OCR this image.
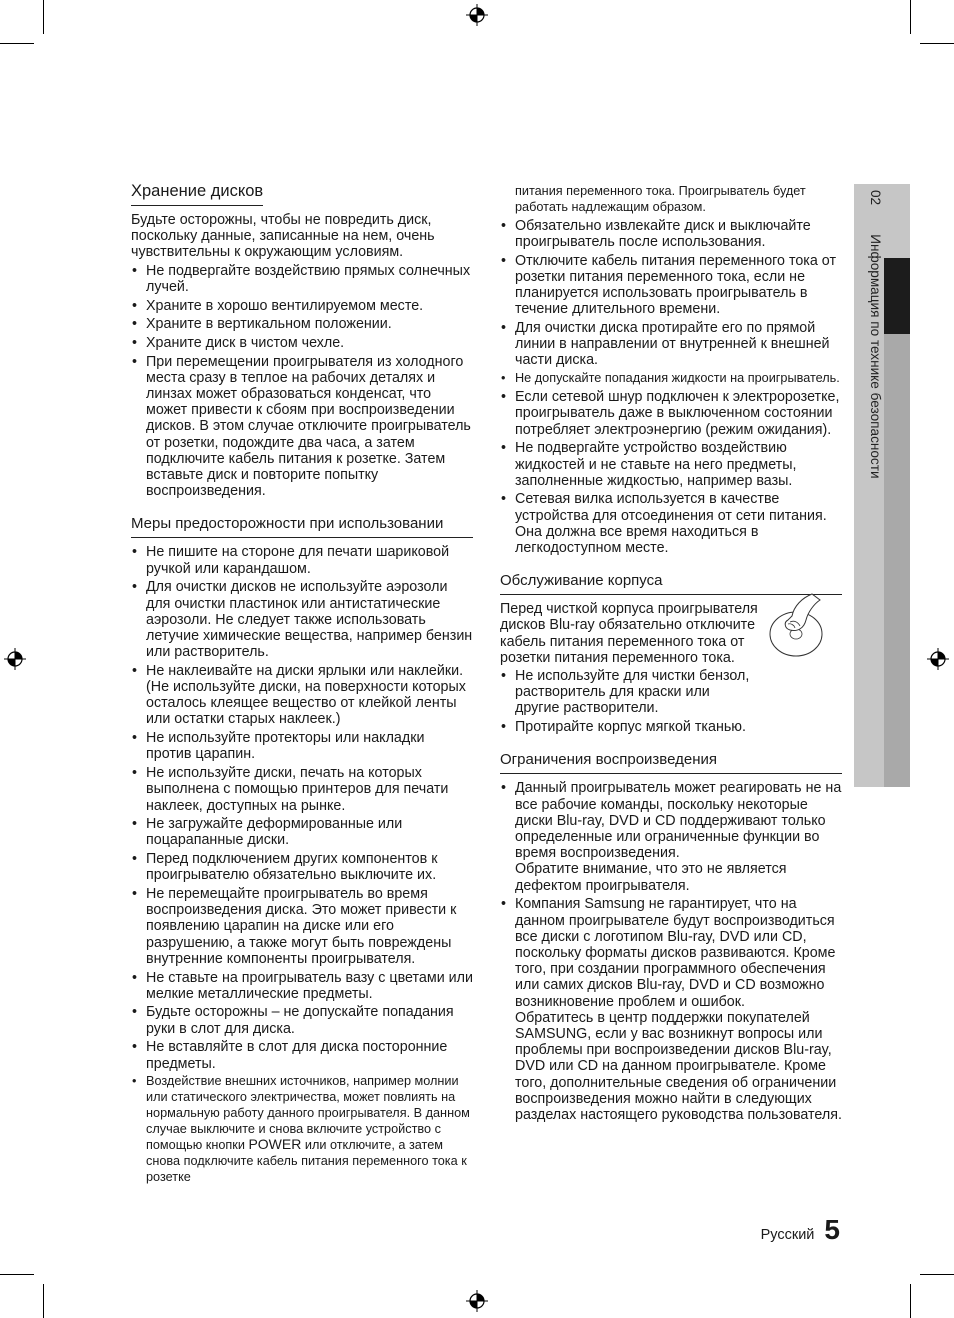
Хранение дисков

Будьте осторожны, чтобы не повредить диск, поскольку данные, записанные на нем, очень чувствительны к окружающим условиям.

• Не подвергайте воздействию прямых солнечных лучей.
• Храните в хорошо вентилируемом месте.
• Храните в вертикальном положении.
• Храните диск в чистом чехле.
• При перемещении проигрывателя из холодного места сразу в теплое на рабочих деталях и линзах может образоваться конденсат, что может привести к сбоям при воспроизведении дисков. В этом случае отключите проигрыватель от розетки, подождите два часа, а затем подключите кабель питания к розетке. Затем вставьте диск и повторите попытку воспроизведения.
Меры предосторожности при использовании
• Не пишите на стороне для печати шариковой ручкой или карандашом.
• Для очистки дисков не используйте аэрозоли для очистки пластинок или антистатические аэрозоли. Не следует также использовать летучие химические вещества, например бензин или растворитель.
• Не наклеивайте на диски ярлыки или наклейки. (Не используйте диски, на поверхности которых осталось клеящее вещество от клейкой ленты или остатки старых наклеек.)
• Не используйте протекторы или накладки против царапин.
• Не используйте диски, печать на которых выполнена с помощью принтеров для печати наклеек, доступных на рынке.
• Не загружайте деформированные или поцарапанные диски.
• Перед подключением других компонентов к проигрывателю обязательно выключите их.
• Не перемещайте проигрыватель во время воспроизведения диска. Это может привести к появлению царапин на диске или его разрушению, а также могут быть повреждены внутренние компоненты проигрывателя.
• Не ставьте на проигрыватель вазу с цветами или мелкие металлические предметы.
• Будьте осторожны – не допускайте попадания руки в слот для диска.
• Не вставляйте в слот для диска посторонние предметы.
• Воздействие внешних источников, например молнии или статического электричества, может повлиять на нормальную работу данного проигрывателя. В данном случае выключите и снова включите устройство с помощью кнопки POWER или отключите, а затем снова подключите кабель питания переменного тока к розетке

питания переменного тока. Проигрыватель будет работать надлежащим образом.

• Обязательно извлекайте диск и выключайте проигрыватель после использования.
• Отключите кабель питания переменного тока от розетки питания переменного тока, если не планируется использовать проигрыватель в течение длительного времени.
• Для очистки диска протирайте его по прямой линии в направлении от внутренней к внешней части диска.
• Не допускайте попадания жидкости на проигрыватель.
• Если сетевой шнур подключен к электророзетке, проигрыватель даже в выключенном состоянии потребляет электроэнергию (режим ожидания).
• Не подвергайте устройство воздействию жидкостей и не ставьте на него предметы, заполненные жидкостью, например вазы.
• Сетевая вилка используется в качестве устройства для отсоединения от сети питания. Она должна все время находиться в легкодоступном месте.
Обслуживание корпуса

Перед чисткой корпуса проигрывателя дисков Blu-ray обязательно отключите кабель питания переменного тока от розетки питания переменного тока.

• Не используйте для чистки бензол, растворитель для краски или другие растворители.
• Протирайте корпус мягкой тканью.
Ограничения воспроизведения
• Данный проигрыватель может реагировать не на все рабочие команды, поскольку некоторые диски Blu-ray, DVD и CD поддерживают только определенные или ограниченные функции во время воспроизведения.
Обратите внимание, что это не является дефектом проигрывателя.
• Компания Samsung не гарантирует, что на данном проигрывателе будут воспроизводиться все диски с логотипом Blu-ray, DVD или CD, поскольку форматы дисков развиваются. Кроме того, при создании программного обеспечения или самих дисков Blu-ray, DVD и CD возможно возникновение проблем и ошибок.
Обратитесь в центр поддержки покупателей SAMSUNG, если у вас возникнут вопросы или проблемы при воспроизведении дисков Blu-ray, DVD или CD на данном проигрывателе. Кроме того, дополнительные сведения об ограничении воспроизведения можно найти в следующих разделах настоящего руководства пользователя.
02    Информация по технике безопасности
Русский 5
